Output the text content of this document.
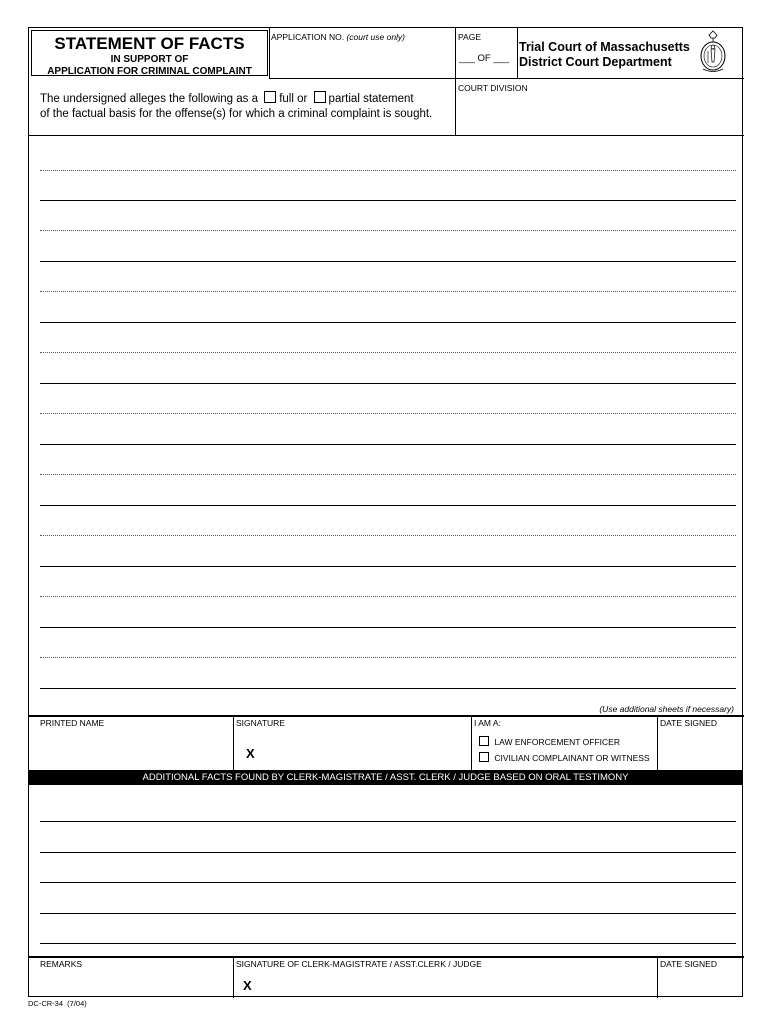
STATEMENT OF FACTS
IN SUPPORT OF
APPLICATION FOR CRIMINAL COMPLAINT
APPLICATION NO. (court use only)	PAGE
___ OF ___
Trial Court of Massachusetts
District Court Department
COURT DIVISION
The undersigned alleges the following as a full or partial statement
of the factual basis for the offense(s) for which a criminal complaint is sought.
(Use additional sheets if necessary)
PRINTED NAME	SIGNATURE
X
I AM A:
LAW ENFORCEMENT OFFICER
CIVILIAN COMPLAINANT OR WITNESS
DATE SIGNED
ADDITIONAL FACTS FOUND BY CLERK-MAGISTRATE / ASST. CLERK / JUDGE BASED ON ORAL TESTIMONY
REMARKS	SIGNATURE OF CLERK-MAGISTRATE / ASST.CLERK / JUDGE
X
DATE SIGNED
DC-CR-34  (7/04)
